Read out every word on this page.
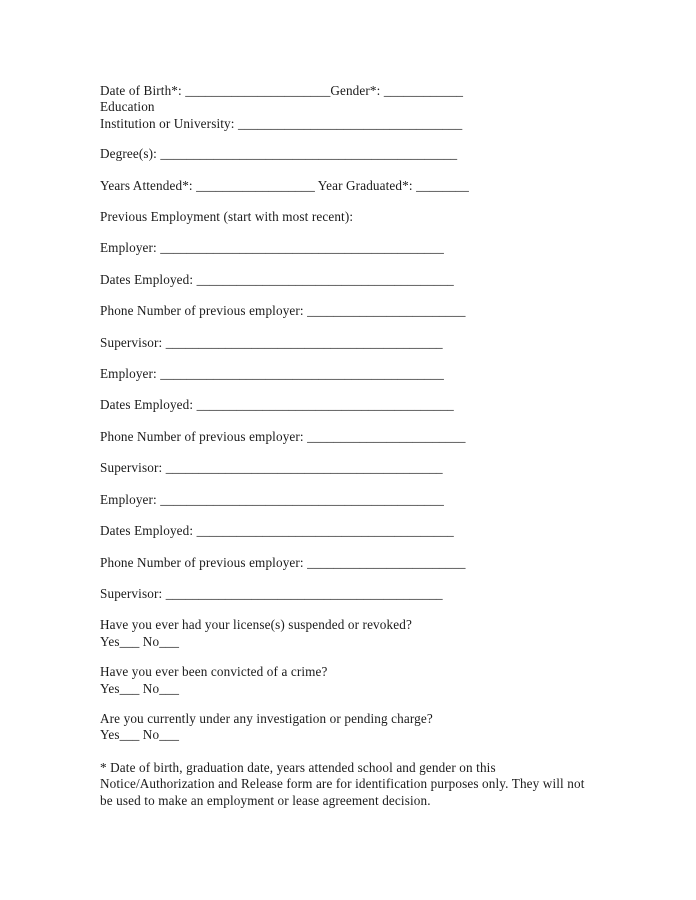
Date of Birth*: ______________________Gender*: ____________
Education
Institution or University: __________________________________
Degree(s): _____________________________________________
Years Attended*: __________________ Year Graduated*: ________
Previous Employment (start with most recent):
Employer: ___________________________________________
Dates Employed: _______________________________________
Phone Number of previous employer: ________________________
Supervisor: __________________________________________
Employer: ___________________________________________
Dates Employed: _______________________________________
Phone Number of previous employer: ________________________
Supervisor: __________________________________________
Employer: ___________________________________________
Dates Employed: _______________________________________
Phone Number of previous employer: ________________________
Supervisor: __________________________________________
Have you ever had your license(s) suspended or revoked?
Yes___ No___
Have you ever been convicted of a crime?
Yes___ No___
Are you currently under any investigation or pending charge?
Yes___ No___
* Date of birth, graduation date, years attended school and gender on this Notice/Authorization and Release form are for identification purposes only. They will not be used to make an employment or lease agreement decision.
